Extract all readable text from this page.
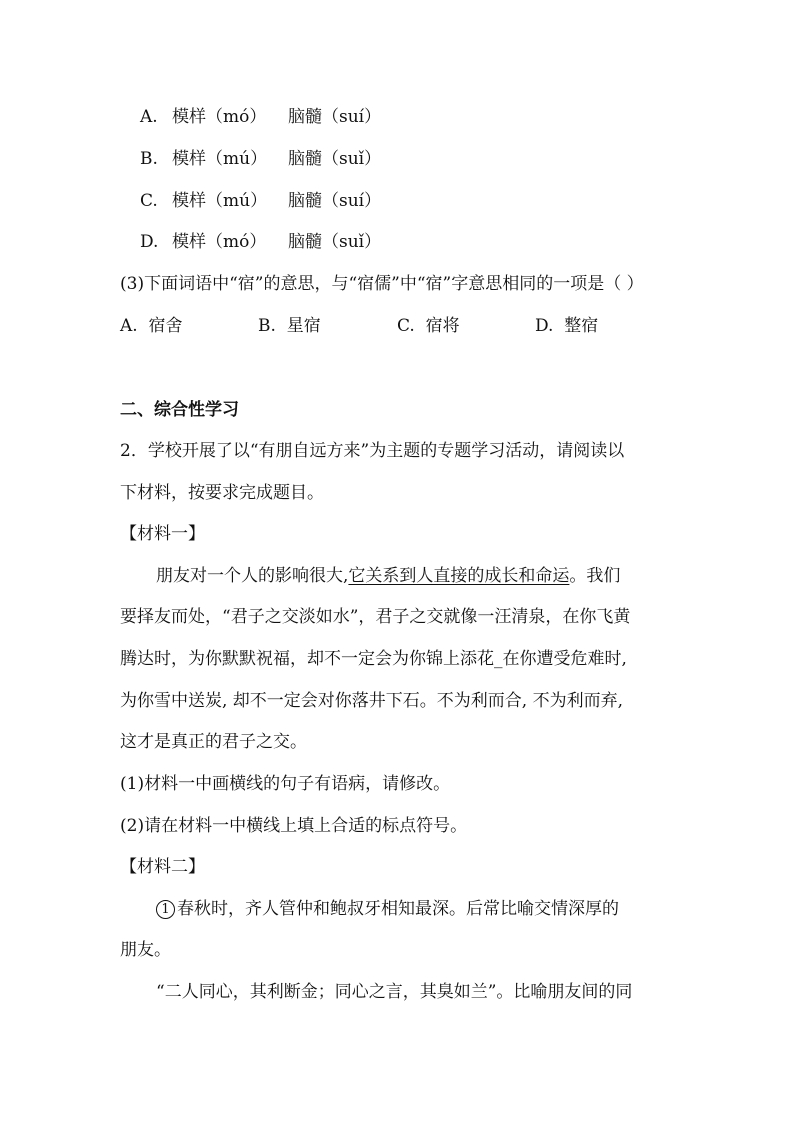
A. 模样（mó） 脑髓（suí）
B. 模样（mú） 脑髓（suǐ）
C. 模样（mú） 脑髓（suí）
D. 模样（mó） 脑髓（suǐ）
(3)下面词语中“宿”的意思，与“宿儒”中“宿”字意思相同的一项是（ ）
A. 宿舍	B. 星宿	C. 宿将	D. 整宿
二、综合性学习
2．学校开展了以“有朋自远方来”为主题的专题学习活动，请阅读以
下材料，按要求完成题目。
【材料一】
朋友对一个人的影响很大,它关系到人直接的成长和命运。我们
要择友而处，“君子之交淡如水”，君子之交就像一汪清泉，在你飞黄
腾达时，为你默默祝福，却不一定会为你锦上添花_在你遭受危难时,
为你雪中送炭, 却不一定会对你落井下石。不为利而合, 不为利而弃,
这才是真正的君子之交。
(1)材料一中画横线的句子有语病，请修改。
(2)请在材料一中横线上填上合适的标点符号。
【材料二】
1 春秋时，齐人管仲和鲍叔牙相知最深。后常比喻交情深厚的
朋友。
“二人同心，其利断金；同心之言，其臭如兰”。比喻朋友间的同
